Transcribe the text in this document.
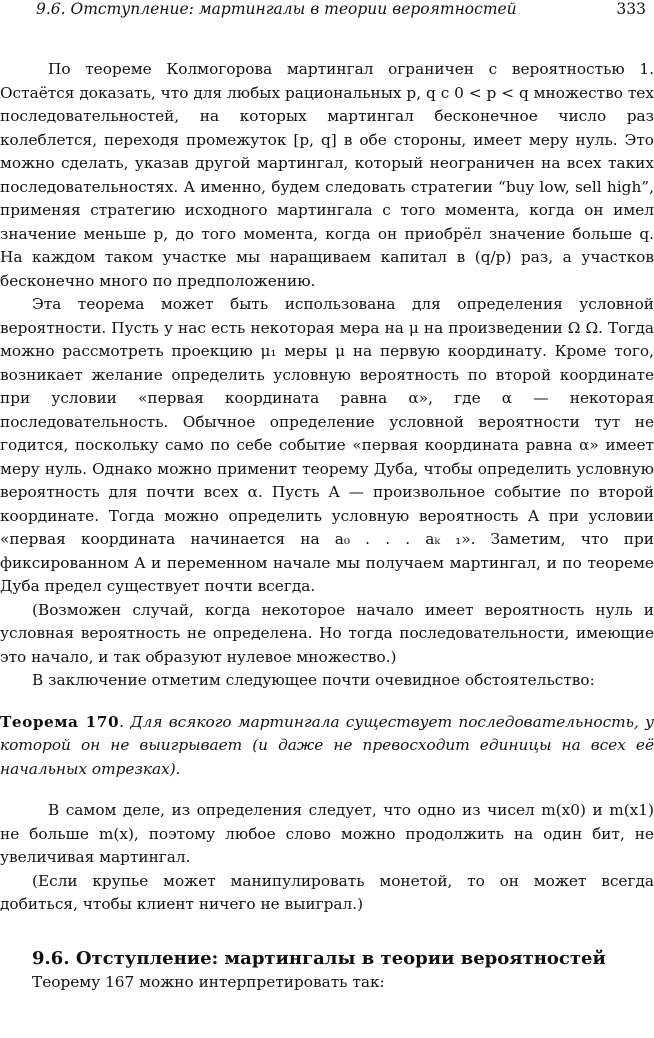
9.6. Отступление: мартингалы в теории вероятностей	333

По теореме Колмогорова мартингал ограничен с вероятностью 1. Остаётся доказать, что для любых рациональных p, q с 0 < p < q множество тех последовательностей, на которых мартингал бесконечное число раз колеблется, переходя промежуток [p, q] в обе стороны, имеет меру нуль. Это можно сделать, указав другой мартингал, который неограничен на всех таких последовательностях. А именно, будем следовать стратегии “buy low, sell high”, применяя стратегию исходного мартингала с того момента, когда он имел значение меньше p, до того момента, когда он приобрёл значение больше q. На каждом таком участке мы наращиваем капитал в (q/p) раз, а участков бесконечно много по предположению.

Эта теорема может быть использована для определения условной вероятности. Пусть у нас есть некоторая мера на μ на произведении Ω Ω. Тогда можно рассмотреть проекцию μ₁ меры μ на первую координату. Кроме того, возникает желание определить условную вероятность по второй координате при условии «первая координата равна α», где α — некоторая последовательность. Обычное определение условной вероятности тут не годится, поскольку само по себе событие «первая координата равна α» имеет меру нуль. Однако можно применит теорему Дуба, чтобы определить условную вероятность для почти всех α. Пусть A — произвольное событие по второй координате. Тогда можно определить условную вероятность A при условии «первая координата начинается на a₀ . . . aₖ ₁». Заметим, что при фиксированном A и переменном начале мы получаем мартингал, и по теореме Дуба предел существует почти всегда.

(Возможен случай, когда некоторое начало имеет вероятность нуль и условная вероятность не определена. Но тогда последовательности, имеющие это начало, и так образуют нулевое множество.)

В заключение отметим следующее почти очевидное обстоятельство:

Теорема 170. Для всякого мартингала существует последовательность, у которой он не выигрывает (и даже не превосходит единицы на всех её начальных отрезках).

В самом деле, из определения следует, что одно из чисел m(x0) и m(x1) не больше m(x), поэтому любое слово можно продолжить на один бит, не увеличивая мартингал.

(Если крупье может манипулировать монетой, то он может всегда добиться, чтобы клиент ничего не выиграл.)

9.6. Отступление: мартингалы в теории вероятностей

Теорему 167 можно интерпретировать так:
